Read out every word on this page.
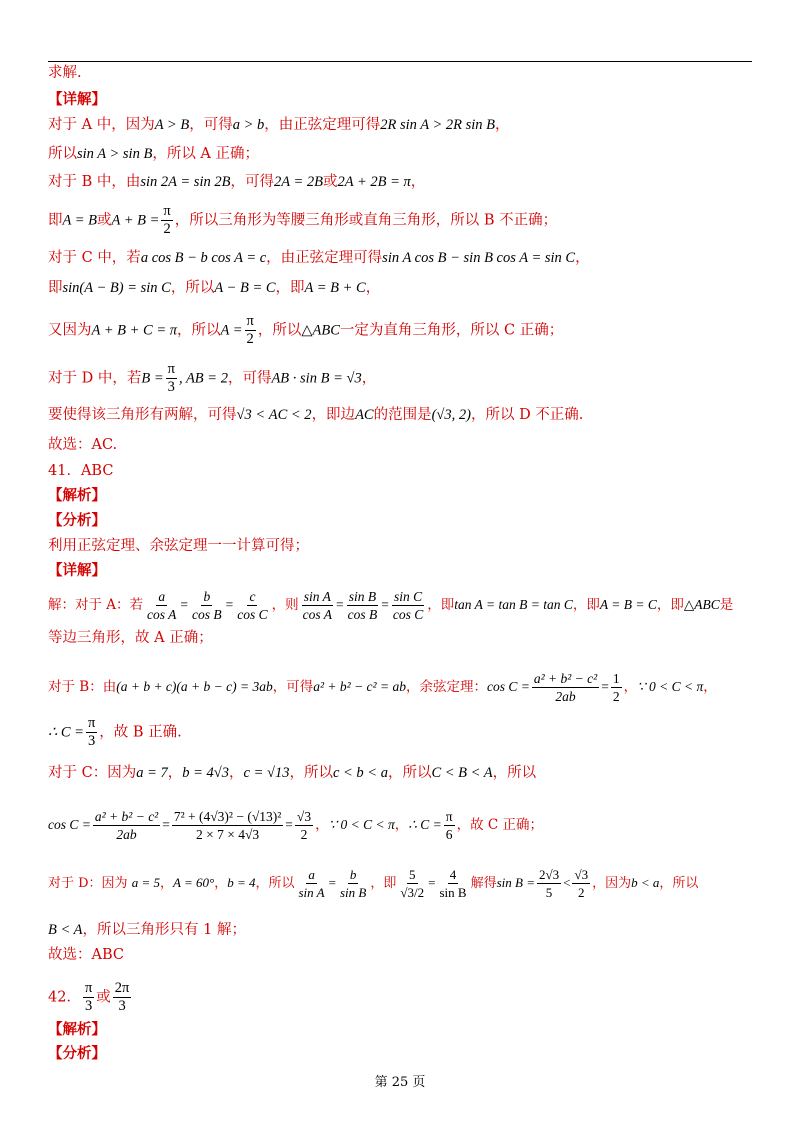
求解.
【详解】
对于 A 中，因为A > B，可得a > b，由正弦定理可得2R sin A > 2R sin B，
所以sin A > sin B，所以 A 正确；
对于 B 中，由sin 2A = sin 2B，可得2A = 2B或2A + 2B = π，
即A = B或$A + B = \frac{\pi}{2}$ ，所以三角形为等腰三角形或直角三角形，所以 B 不正确；
对于 C 中，若a cos B − b cos A = c，由正弦定理可得sin A cos B − sin B cos A = sin C，
即sin(A − B) = sin C，所以A − B = C，即A = B + C，
又因为A + B + C = π，所以$A = \frac{\pi}{2}$ ，所以△ABC一定为直角三角形，所以 C 正确；
对于 D 中，若$B = \frac{\pi}{3}$ , AB = 2，可得AB · sin B = √3，
要使得该三角形有两解，可得√3 < AC < 2，即边AC的范围是(√3, 2)，所以 D 不正确.
故选：AC.
41．ABC
【解析】
【分析】
利用正弦定理、余弦定理一一计算可得；
【详解】
解：对于 A：若 $\frac{a}{\text{cos A}} = \frac{b}{\text{cos B}} = \frac{c}{\text{cos C}}$ ，则 $\frac{\text{sin A}}{\text{cos A}} = \frac{\text{sin B}}{\text{cos B}} = \frac{\text{sin C}}{\text{cos C}}$ ，即tan A = tan B = tan C，即A = B = C，即△ABC是
等边三角形，故 A 正确；
对于 B：由(a + b + c)(a + b − c) = 3ab，可得a² + b² − c² = ab，余弦定理：$\cos C = \frac{\text{a² + b² − c²}}{2ab} = \frac{1}{2}$ ，∵ 0 < C < π，
∴ $C = \frac{\pi}{3}$ ，故 B 正确.
对于 C：因为a = 7，b = 4√3，c = √13，所以c < b < a，所以C < B < A，所以
$\cos C = \frac{\text{a² + b² − c²}}{2ab} = \frac{\text{7² + (4√3)² − (√13)²}}{2 \times 7 \times 4√3} = \frac{√3}{2}$ ，∵ 0 < C < π，∴ $C = \frac{\pi}{6}$ ，故 C 正确；
对于 D：因为 a = 5，A = 60°，b = 4，所以 $\frac{a}{\text{sin A}} = \frac{b}{\text{sin B}}$ ，即 $\frac{5}{√3/2} = \frac{4}{\text{sin B}}$ 解得$\sin B = \frac{2√3}{5} < \frac{√3}{2}$ ，因为b < a，所以
B < A，所以三角形只有 1 解；
故选：ABC
42． $\frac{\pi}{3}$ 或 $\frac{2\pi}{3}$
【解析】
【分析】
第 25 页
